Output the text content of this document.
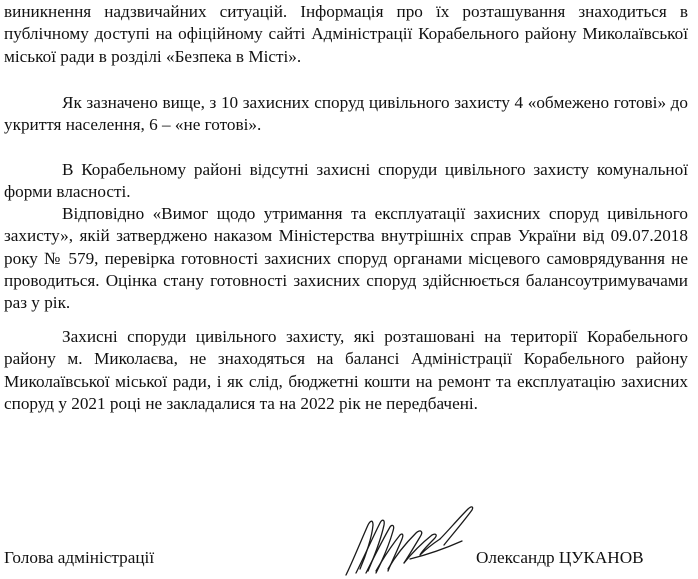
виникнення надзвичайних ситуацій. Інформація про їх розташування знаходиться в публічному доступі на офіційному сайті Адміністрації Корабельного району Миколаївської міської ради в розділі «Безпека в Місті».

Як зазначено вище, з 10 захисних споруд цивільного захисту 4 «обмежено готові» до укриття населення, 6 – «не готові».

В Корабельному районі відсутні захисні споруди цивільного захисту комунальної форми власності.

Відповідно «Вимог щодо утримання та експлуатації захисних споруд цивільного захисту», якій затверджено наказом Міністерства внутрішніх справ України від 09.07.2018 року № 579, перевірка готовності захисних споруд органами місцевого самоврядування не проводиться. Оцінка стану готовності захисних споруд здійснюється балансоутримувачами раз у рік.

Захисні споруди цивільного захисту, які розташовані на території Корабельного району м. Миколаєва, не знаходяться на балансі Адміністрації Корабельного району Миколаївської міської ради, і як слід, бюджетні кошти на ремонт та експлуатацію захисних споруд у 2021 році не закладалися та на 2022 рік не передбачені.

Голова адміністрації	Олександр ЦУКАНОВ
